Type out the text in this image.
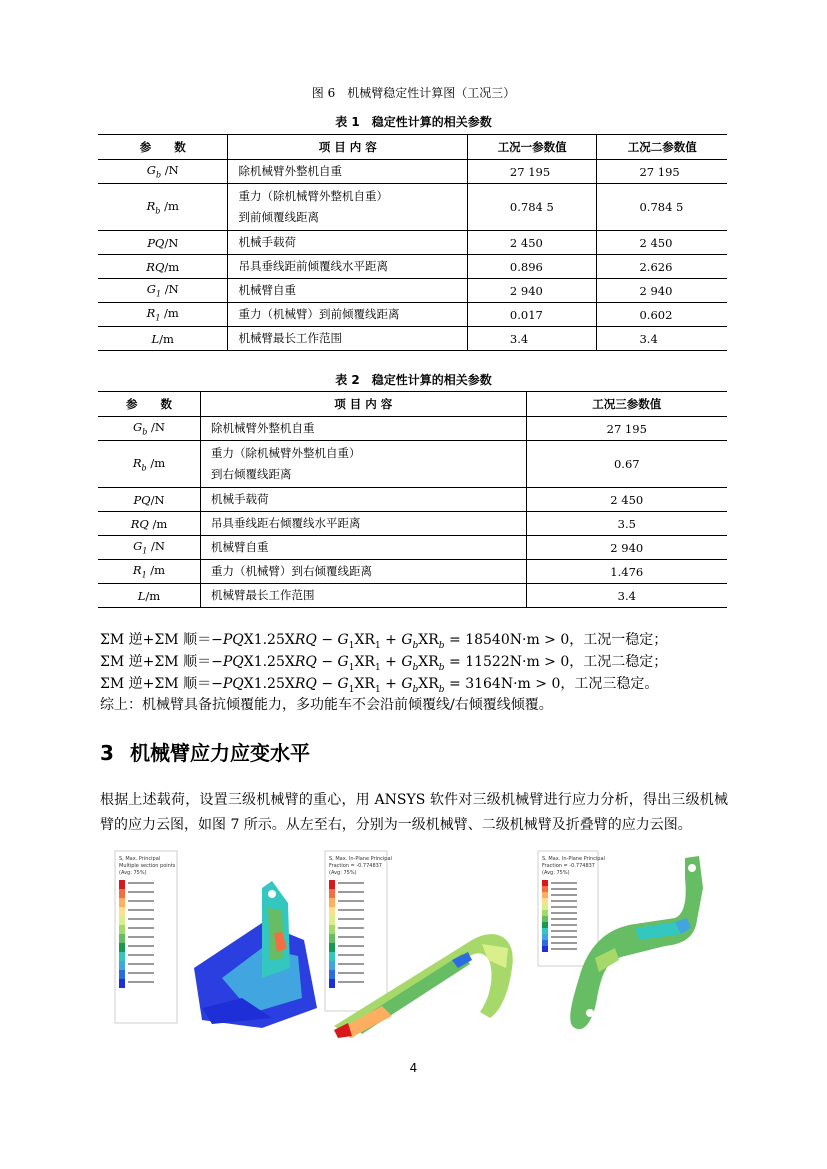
图 6　机械臂稳定性计算图（工况三）
表 1　稳定性计算的相关参数
参　　数	项 目 内 容	工况一参数值	工况二参数值
$G_b$ /N	除机械臂外整机自重	27 195	27 195
$R_b$ /m	重力（除机械臂外整机自重）
到前倾覆线距离	0.784 5	0.784 5
PQ/N	机械手载荷	2 450	2 450
RQ/m	吊具垂线距前倾覆线水平距离	0.896	2.626
$G_1$ /N	机械臂自重	2 940	2 940
$R_1$ /m	重力（机械臂）到前倾覆线距离	0.017	0.602
L/m	机械臂最长工作范围	3.4	3.4
表 2　稳定性计算的相关参数
参　　数	项 目 内 容	工况三参数值
$G_b$ /N	除机械臂外整机自重	27 195
$R_b$ /m	重力（除机械臂外整机自重）
到右倾覆线距离	0.67
PQ/N	机械手载荷	2 450
RQ /m	吊具垂线距右倾覆线水平距离	3.5
$G_1$ /N	机械臂自重	2 940
$R_1$ /m	重力（机械臂）到右倾覆线距离	1.476
L/m	机械臂最长工作范围	3.4
ΣM 逆+ΣM 顺$=-PQX1.25XRQ - G_1XR_1 + G_bXR_b = 18540N\cdot m > 0$，工况一稳定；
ΣM 逆+ΣM 顺$=-PQX1.25XRQ - G_1XR_1 + G_bXR_b = 11522N\cdot m > 0$，工况二稳定；
ΣM 逆+ΣM 顺$=-PQX1.25XRQ - G_1XR_1 + G_bXR_b = 3164N\cdot m > 0$，工况三稳定。
综上：机械臂具备抗倾覆能力，多功能车不会沿前倾覆线/右倾覆线倾覆。
3 机械臂应力应变水平
根据上述载荷，设置三级机械臂的重心，用 ANSYS 软件对三级机械臂进行应力分析，得出三级机械臂的应力云图，如图 7 所示。从左至右，分别为一级机械臂、二级机械臂及折叠臂的应力云图。
S, Max. Principal
Multiple section points
(Avg: 75%)
S, Max. In-Plane Principal
Fraction = -0.774837
(Avg: 75%)
S, Max. In-Plane Principal
Fraction = -0.774837
(Avg: 75%)
4
